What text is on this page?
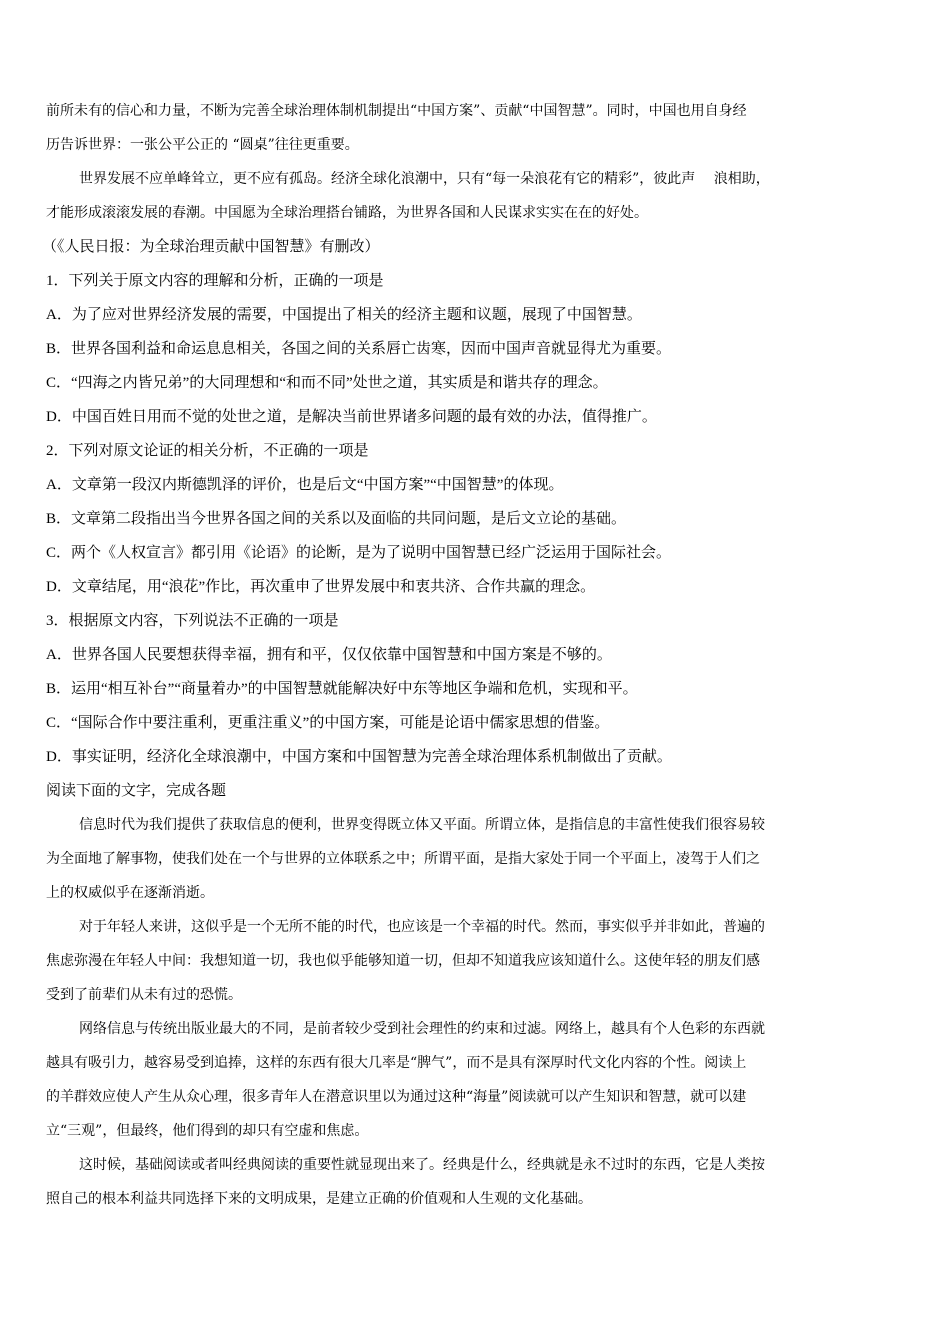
前所未有的信心和力量，不断为完善全球治理体制机制提出“中国方案”、贡献“中国智慧”。同时，中国也用自身经

历告诉世界：一张公平公正的 “圆桌”往往更重要。

世界发展不应单峰耸立，更不应有孤岛。经济全球化浪潮中，只有“每一朵浪花有它的精彩”，彼此声　 浪相助，

才能形成滚滚发展的春潮。中国愿为全球治理搭台铺路，为世界各国和人民谋求实实在在的好处。

（《人民日报：为全球治理贡献中国智慧》有删改）

1．下列关于原文内容的理解和分析，正确的一项是

A．为了应对世界经济发展的需要，中国提出了相关的经济主题和议题，展现了中国智慧。

B．世界各国利益和命运息息相关，各国之间的关系唇亡齿寒，因而中国声音就显得尤为重要。

C．“四海之内皆兄弟”的大同理想和“和而不同”处世之道，其实质是和谐共存的理念。

D．中国百姓日用而不觉的处世之道，是解决当前世界诸多问题的最有效的办法，值得推广。

2．下列对原文论证的相关分析，不正确的一项是

A．文章第一段汉内斯德凯泽的评价，也是后文“中国方案”“中国智慧”的体现。

B．文章第二段指出当今世界各国之间的关系以及面临的共同问题，是后文立论的基础。

C．两个《人权宣言》都引用《论语》的论断，是为了说明中国智慧已经广泛运用于国际社会。

D．文章结尾，用“浪花”作比，再次重申了世界发展中和衷共济、合作共赢的理念。

3．根据原文内容，下列说法不正确的一项是

A．世界各国人民要想获得幸福，拥有和平，仅仅依靠中国智慧和中国方案是不够的。

B．运用“相互补台”“商量着办”的中国智慧就能解决好中东等地区争端和危机，实现和平。

C．“国际合作中要注重利，更重注重义”的中国方案，可能是论语中儒家思想的借鉴。

D．事实证明，经济化全球浪潮中，中国方案和中国智慧为完善全球治理体系机制做出了贡献。

阅读下面的文字，完成各题

信息时代为我们提供了获取信息的便利，世界变得既立体又平面。所谓立体，是指信息的丰富性使我们很容易较

为全面地了解事物，使我们处在一个与世界的立体联系之中；所谓平面，是指大家处于同一个平面上，凌驾于人们之

上的权威似乎在逐渐消逝。

对于年轻人来讲，这似乎是一个无所不能的时代，也应该是一个幸福的时代。然而，事实似乎并非如此，普遍的

焦虑弥漫在年轻人中间：我想知道一切，我也似乎能够知道一切，但却不知道我应该知道什么。这使年轻的朋友们感

受到了前辈们从未有过的恐慌。

网络信息与传统出版业最大的不同，是前者较少受到社会理性的约束和过滤。网络上，越具有个人色彩的东西就

越具有吸引力，越容易受到追捧，这样的东西有很大几率是“脾气”，而不是具有深厚时代文化内容的个性。阅读上

的羊群效应使人产生从众心理，很多青年人在潜意识里以为通过这种“海量”阅读就可以产生知识和智慧，就可以建

立“三观”，但最终，他们得到的却只有空虚和焦虑。

这时候，基础阅读或者叫经典阅读的重要性就显现出来了。经典是什么，经典就是永不过时的东西，它是人类按

照自己的根本利益共同选择下来的文明成果，是建立正确的价值观和人生观的文化基础。
